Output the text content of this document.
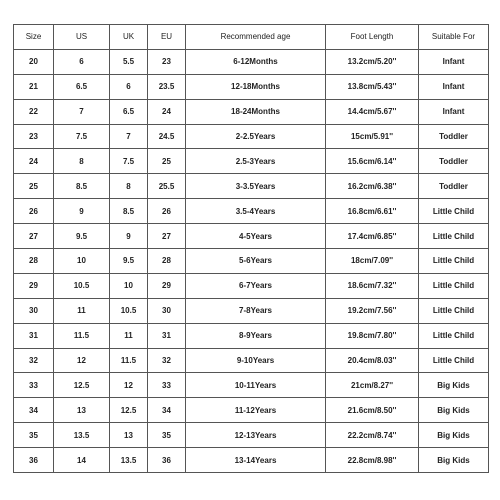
Size	US	UK	EU	Recommended age	Foot Length	Suitable For
20	6	5.5	23	6-12Months	13.2cm/5.20''	Infant
21	6.5	6	23.5	12-18Months	13.8cm/5.43''	Infant
22	7	6.5	24	18-24Months	14.4cm/5.67''	Infant
23	7.5	7	24.5	2-2.5Years	15cm/5.91''	Toddler
24	8	7.5	25	2.5-3Years	15.6cm/6.14''	Toddler
25	8.5	8	25.5	3-3.5Years	16.2cm/6.38''	Toddler
26	9	8.5	26	3.5-4Years	16.8cm/6.61''	Little Child
27	9.5	9	27	4-5Years	17.4cm/6.85''	Little Child
28	10	9.5	28	5-6Years	18cm/7.09''	Little Child
29	10.5	10	29	6-7Years	18.6cm/7.32''	Little Child
30	11	10.5	30	7-8Years	19.2cm/7.56''	Little Child
31	11.5	11	31	8-9Years	19.8cm/7.80''	Little Child
32	12	11.5	32	9-10Years	20.4cm/8.03''	Little Child
33	12.5	12	33	10-11Years	21cm/8.27''	Big Kids
34	13	12.5	34	11-12Years	21.6cm/8.50''	Big Kids
35	13.5	13	35	12-13Years	22.2cm/8.74''	Big Kids
36	14	13.5	36	13-14Years	22.8cm/8.98''	Big Kids
